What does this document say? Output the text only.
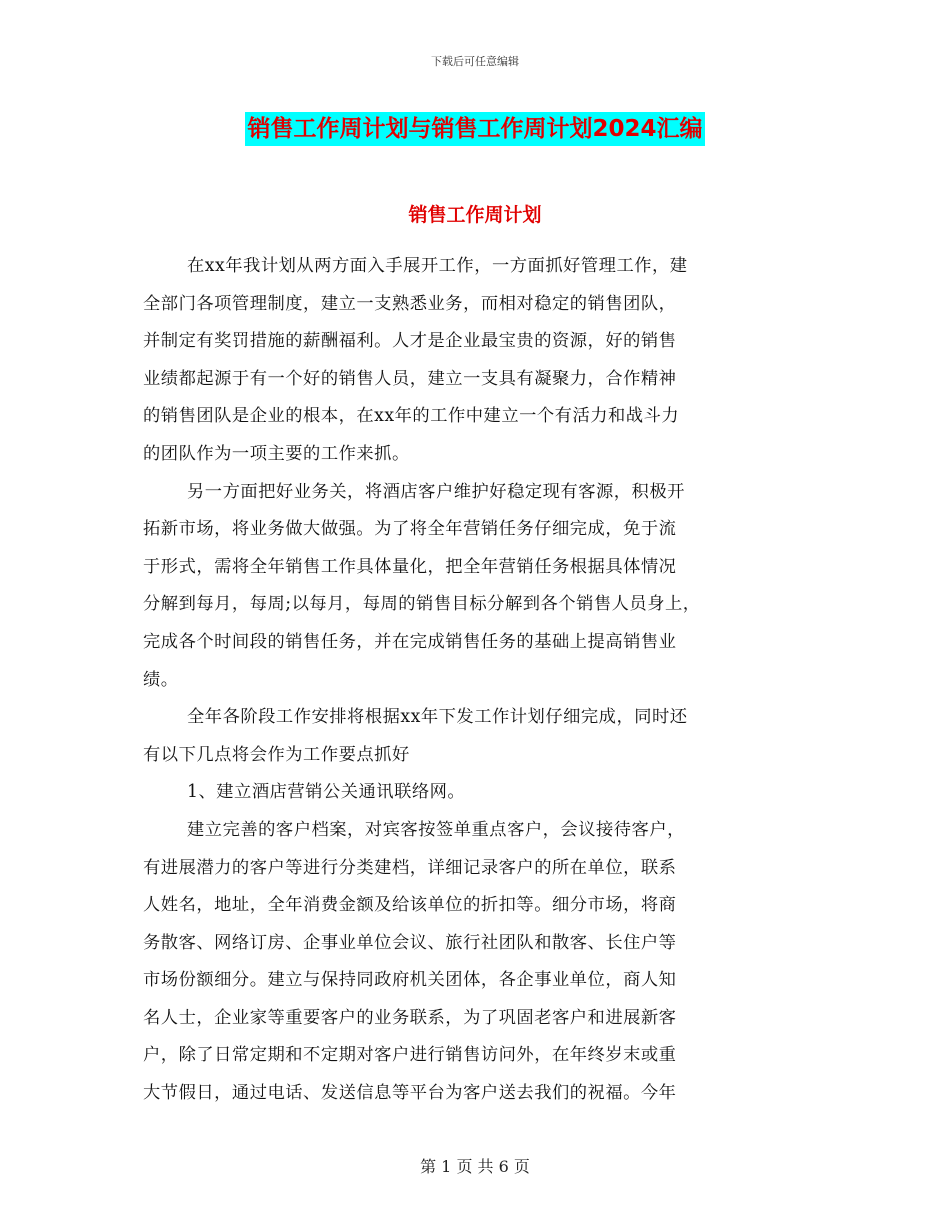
下载后可任意编辑
销售工作周计划与销售工作周计划2024汇编
销售工作周计划
在xx年我计划从两方面入手展开工作，一方面抓好管理工作，建
全部门各项管理制度，建立一支熟悉业务，而相对稳定的销售团队，
并制定有奖罚措施的薪酬福利。人才是企业最宝贵的资源，好的销售
业绩都起源于有一个好的销售人员，建立一支具有凝聚力，合作精神
的销售团队是企业的根本，在xx年的工作中建立一个有活力和战斗力
的团队作为一项主要的工作来抓。
另一方面把好业务关，将酒店客户维护好稳定现有客源，积极开
拓新市场，将业务做大做强。为了将全年营销任务仔细完成，免于流
于形式，需将全年销售工作具体量化，把全年营销任务根据具体情况
分解到每月，每周;以每月，每周的销售目标分解到各个销售人员身上，
完成各个时间段的销售任务，并在完成销售任务的基础上提高销售业
绩。
全年各阶段工作安排将根据xx年下发工作计划仔细完成，同时还
有以下几点将会作为工作要点抓好
1、建立酒店营销公关通讯联络网。
建立完善的客户档案，对宾客按签单重点客户，会议接待客户，
有进展潜力的客户等进行分类建档，详细记录客户的所在单位，联系
人姓名，地址，全年消费金额及给该单位的折扣等。细分市场，将商
务散客、网络订房、企事业单位会议、旅行社团队和散客、长住户等
市场份额细分。建立与保持同政府机关团体，各企事业单位，商人知
名人士，企业家等重要客户的业务联系，为了巩固老客户和进展新客
户，除了日常定期和不定期对客户进行销售访问外，在年终岁末或重
大节假日，通过电话、发送信息等平台为客户送去我们的祝福。今年
第 1 页 共 6 页
